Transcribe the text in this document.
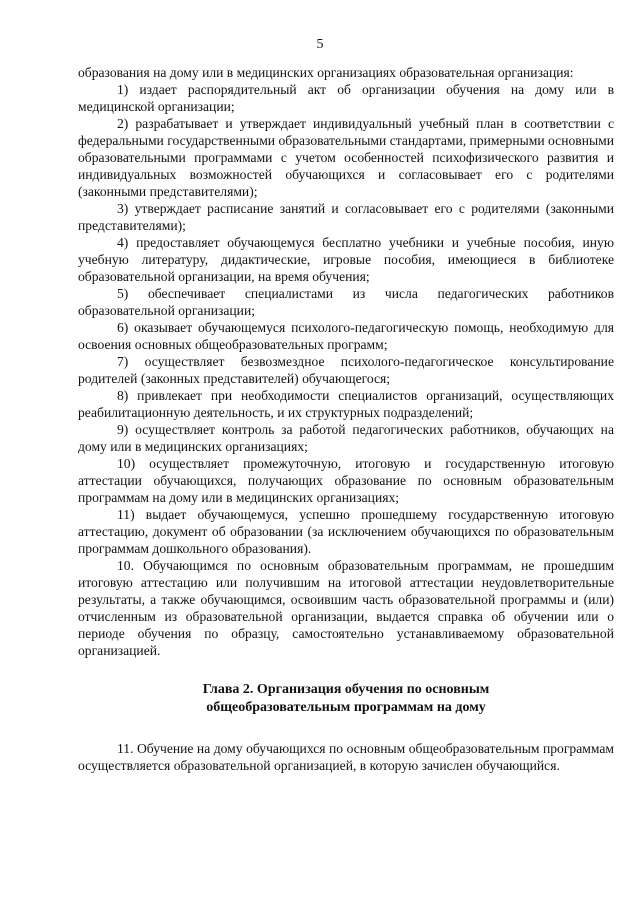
5

образования на дому или в медицинских организациях образовательная организация:

1) издает распорядительный акт об организации обучения на дому или в медицинской организации;

2) разрабатывает и утверждает индивидуальный учебный план в соответствии с федеральными государственными образовательными стандартами, примерными основными образовательными программами с учетом особенностей психофизического развития и индивидуальных возможностей обучающихся и согласовывает его с родителями (законными представителями);

3) утверждает расписание занятий и согласовывает его с родителями (законными представителями);

4) предоставляет обучающемуся бесплатно учебники и учебные пособия, иную учебную литературу, дидактические, игровые пособия, имеющиеся в библиотеке образовательной организации, на время обучения;

5) обеспечивает специалистами из числа педагогических работников образовательной организации;

6) оказывает обучающемуся психолого-педагогическую помощь, необходимую для освоения основных общеобразовательных программ;

7) осуществляет безвозмездное психолого-педагогическое консультирование родителей (законных представителей) обучающегося;

8) привлекает при необходимости специалистов организаций, осуществляющих реабилитационную деятельность, и их структурных подразделений;

9) осуществляет контроль за работой педагогических работников, обучающих на дому или в медицинских организациях;

10) осуществляет промежуточную, итоговую и государственную итоговую аттестации обучающихся, получающих образование по основным образовательным программам на дому или в медицинских организациях;

11) выдает обучающемуся, успешно прошедшему государственную итоговую аттестацию, документ об образовании (за исключением обучающихся по образовательным программам дошкольного образования).

10. Обучающимся по основным образовательным программам, не прошедшим итоговую аттестацию или получившим на итоговой аттестации неудовлетворительные результаты, а также обучающимся, освоившим часть образовательной программы и (или) отчисленным из образовательной организации, выдается справка об обучении или о периоде обучения по образцу, самостоятельно устанавливаемому образовательной организацией.

Глава 2. Организация обучения по основным
общеобразовательным программам на дому

11. Обучение на дому обучающихся по основным общеобразовательным программам осуществляется образовательной организацией, в которую зачислен обучающийся.
